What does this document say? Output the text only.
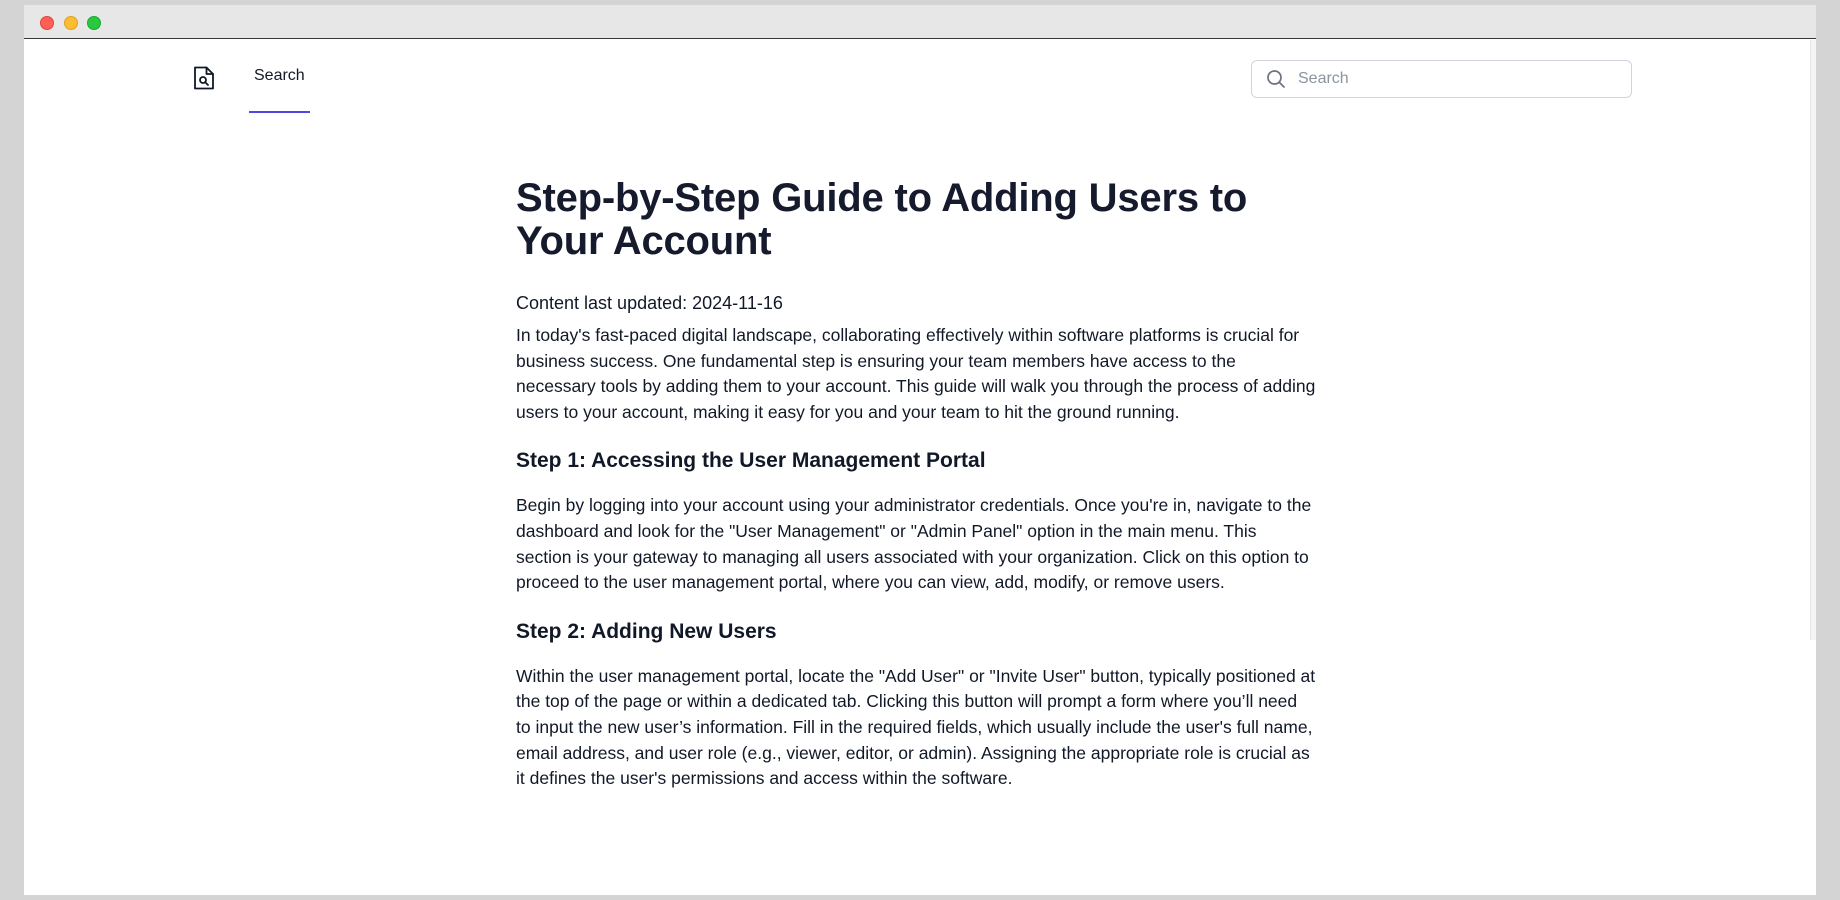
Search
Search
Step-by-Step Guide to Adding Users to Your Account
Content last updated: 2024-11-16

In today's fast-paced digital landscape, collaborating effectively within software platforms is crucial for business success. One fundamental step is ensuring your team members have access to the necessary tools by adding them to your account. This guide will walk you through the process of adding users to your account, making it easy for you and your team to hit the ground running.

Step 1: Accessing the User Management Portal

Begin by logging into your account using your administrator credentials. Once you're in, navigate to the dashboard and look for the "User Management" or "Admin Panel" option in the main menu. This section is your gateway to managing all users associated with your organization. Click on this option to proceed to the user management portal, where you can view, add, modify, or remove users.

Step 2: Adding New Users

Within the user management portal, locate the "Add User" or "Invite User" button, typically positioned at the top of the page or within a dedicated tab. Clicking this button will prompt a form where you’ll need to input the new user’s information. Fill in the required fields, which usually include the user's full name, email address, and user role (e.g., viewer, editor, or admin). Assigning the appropriate role is crucial as it defines the user's permissions and access within the software.
